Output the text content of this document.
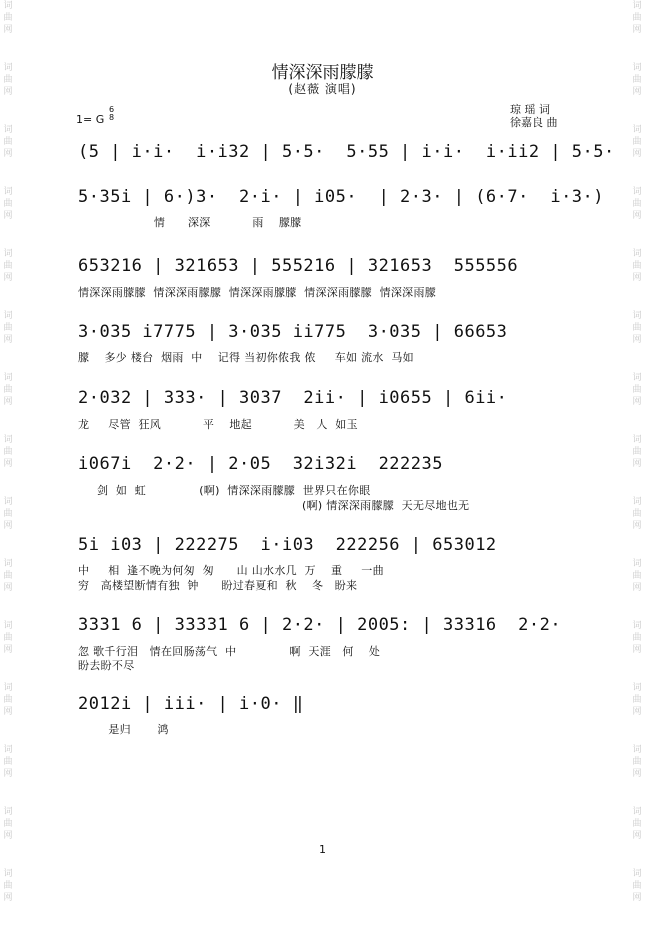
词
曲
网
词
曲
网
词
曲
网
词
曲
网
词
曲
网
词
曲
网
词
曲
网
词
曲
网
词
曲
网
词
曲
网
词
曲
网
词
曲
网
词
曲
网
词
曲
网
词
曲
网
词
曲
网
词
曲
网
词
曲
网
词
曲
网
词
曲
网
词
曲
网
词
曲
网
词
曲
网
词
曲
网
词
曲
网
词
曲
网
词
曲
网
词
曲
网
词
曲
网
词
曲
网
情深深雨朦朦
(赵薇 演唱)
1= G
6
8
琼 瑶 词
徐嘉良 曲
(5 | i·i·  i·i32 | 5·5·  5·55 | i·i·  i·ii2 | 5·5·
5·35i | 6·)3·  2·i· | i05·  | 2·3· | (6·7·  i·3·)
情      深深           雨    朦朦
653216 | 321653 | 555216 | 321653  555556
情深深雨朦朦  情深深雨朦朦  情深深雨朦朦  情深深雨朦朦  情深深雨朦
3·035 i7775 | 3·035 ii775  3·035 | 66653
朦    多少 楼台  烟雨  中    记得 当初你侬我 侬     车如 流水  马如
2·032 | 333· | 3037  2ii· | i0655 | 6ii·
龙     尽管  狂风           平    地起           美   人  如玉
i067i  2·2· | 2·05  32i32i  222235
剑  如  虹              (啊)  情深深雨朦朦  世界只在你眼
(啊) 情深深雨朦朦  天无尽地也无
5i i03 | 222275  i·i03  222256 | 653012
中     相  逢不晚为何匆  匆      山 山水水几  万    重     一曲
穷   高楼望断情有独  钟      盼过春夏和  秋    冬   盼来
3331 6 | 33331 6 | 2·2· | 2005: | 33316  2·2·
忽 歌千行泪   情在回肠荡气  中              啊  天涯   何    处
盼去盼不尽
2012i | iii· | i·0· ‖
是归       鸿
1
